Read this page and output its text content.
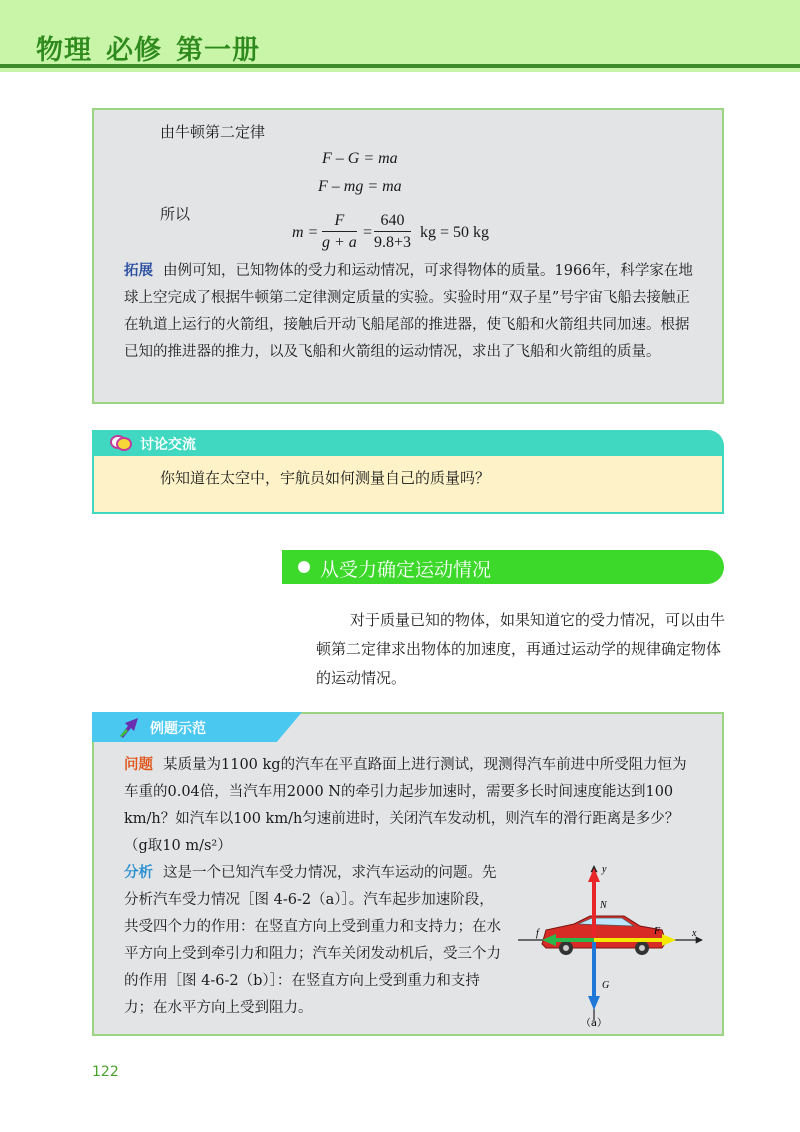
物理 必修 第一册
由牛顿第二定律
F – G = ma
F – mg = ma
所以
$m = \frac{F}{g + a} = \frac{640}{9.8+3}$ kg = 50 kg
拓展 由例可知，已知物体的受力和运动情况，可求得物体的质量。1966年，科学家在地球上空完成了根据牛顿第二定律测定质量的实验。实验时用“双子星”号宇宙飞船去接触正在轨道上运行的火箭组，接触后开动飞船尾部的推进器，使飞船和火箭组共同加速。根据已知的推进器的推力，以及飞船和火箭组的运动情况，求出了飞船和火箭组的质量。
讨论交流
你知道在太空中，宇航员如何测量自己的质量吗？
从受力确定运动情况
对于质量已知的物体，如果知道它的受力情况，可以由牛顿第二定律求出物体的加速度，再通过运动学的规律确定物体的运动情况。
例题示范
问题 某质量为1100 kg的汽车在平直路面上进行测试，现测得汽车前进中所受阻力恒为车重的0.04倍，当汽车用2000 N的牵引力起步加速时，需要多长时间速度能达到100 km/h？如汽车以100 km/h匀速前进时，关闭汽车发动机，则汽车的滑行距离是多少？（g取10 m/s²）
分析 这是一个已知汽车受力情况，求汽车运动的问题。先分析汽车受力情况［图 4-6-2（a）］。汽车起步加速阶段，共受四个力的作用：在竖直方向上受到重力和支持力；在水平方向上受到牵引力和阻力；汽车关闭发动机后，受三个力的作用［图 4-6-2（b）］：在竖直方向上受到重力和支持力；在水平方向上受到阻力。
y
x
N
G
F
f
（a）
122
